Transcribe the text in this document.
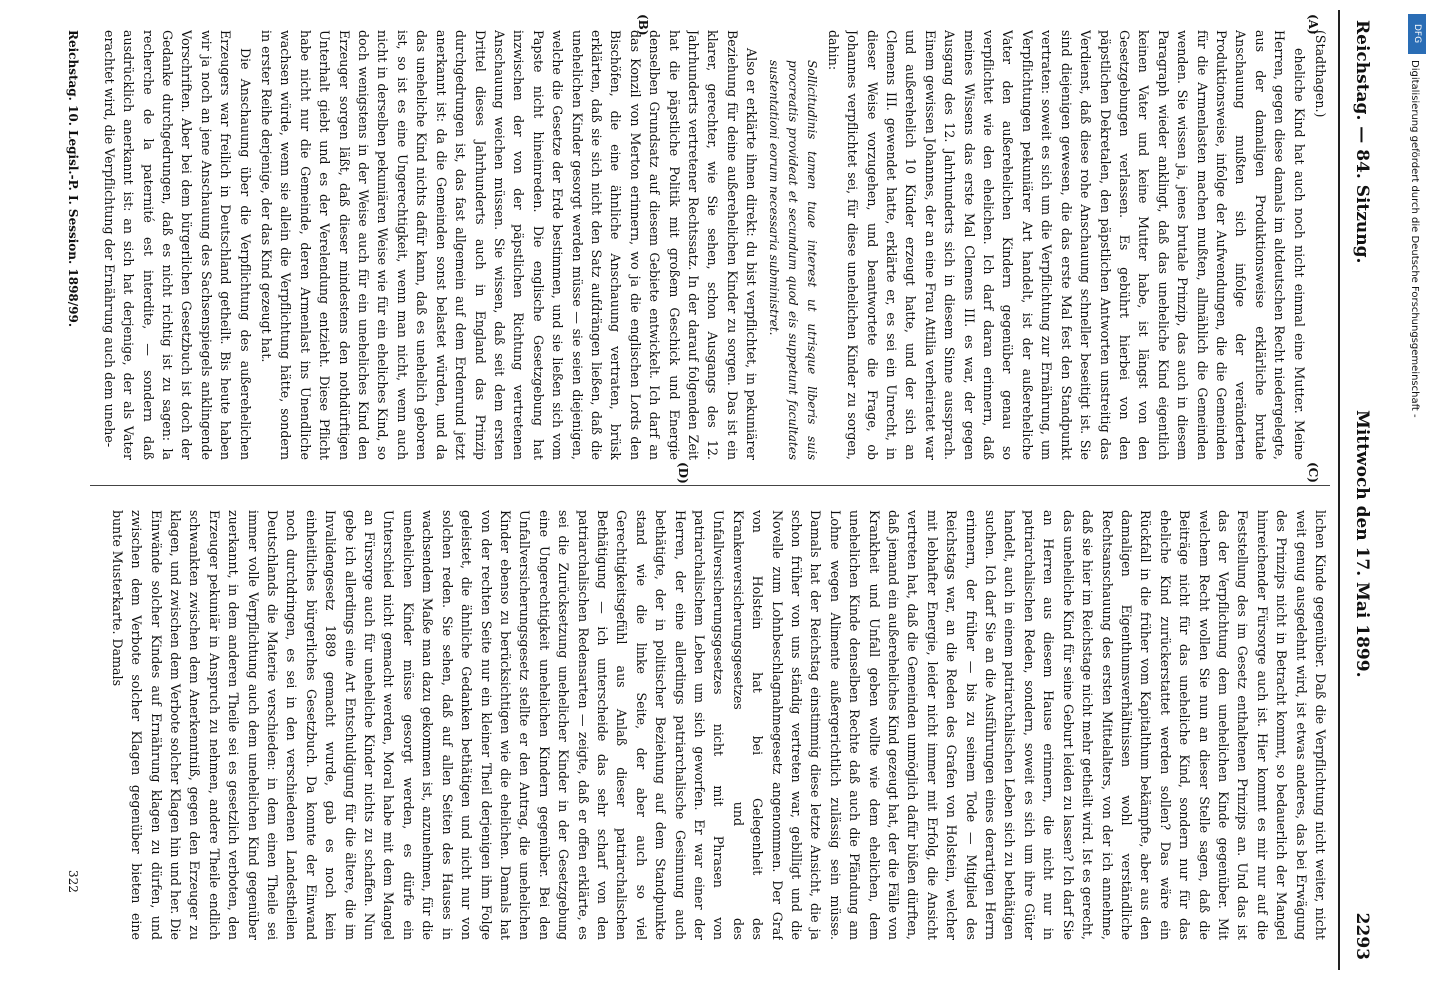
Reichstag. — 84. Sitzung.
Mittwoch den 17. Mai 1899.
2293

(Stadthagen.)

eheliche Kind hat auch noch nicht einmal eine Mutter. Meine Herren, gegen diese damals im altdeutschen Recht niedergelegte, aus der damaligen Produktionsweise erklärliche brutale Anschauung mußten sich infolge der veränderten Produktionsweise, infolge der Aufwendungen, die die Gemeinden für die Armenlasten machen mußten, allmählich die Gemeinden wenden. Sie wissen ja, jenes brutale Prinzip, das auch in diesem Paragraph wieder anklingt, daß das uneheliche Kind eigentlich keinen Vater und keine Mutter habe, ist längst von den Gesetzgebungen verlassen. Es gebührt hierbei von den päpstlichen Dekretalen, den päpstlichen Antworten unstreitig das Verdienst, daß diese rohe Anschauung schneller beseitigt ist. Sie sind diejenigen gewesen, die das erste Mal fest den Standpunkt vertraten: soweit es sich um die Verpflichtung zur Ernährung, um Verpflichtungen pekuniärer Art handelt, ist der außereheliche Vater den außerehelichen Kindern gegenüber genau so verpflichtet wie den ehelichen. Ich darf daran erinnern, daß meines Wissens das erste Mal Clemens III. es war, der gegen Ausgang des 12. Jahrhunderts sich in diesem Sinne aussprach. Einem gewissen Johannes, der an eine Frau Attilia verheiratet war und außerehelich 10 Kinder erzeugt hatte, und der sich an Clemens III. gewendet hatte, erklärte er, es sei ein Unrecht, in dieser Weise vorzugehen, und beantwortete die Frage, ob Johannes verpflichtet sei, für diese unehelichen Kinder zu sorgen, dahin:

Sollicitudinis tamen tuae interest ut utrisque liberis suis procreatis provideat et secundum quod eis suppetunt facultates sustentationi eorum necessaria subministret.

Also er erklärte ihnen direkt: du bist verpflichtet, in pekuniärer Beziehung für deine außerehelichen Kinder zu sorgen. Das ist ein klarer, gerechter, wie Sie sehen, schon Ausgangs des 12. Jahrhunderts vertretener Rechtssatz. In der darauf folgenden Zeit hat die päpstliche Politik mit großem Geschick und Energie denselben Grundsatz auf diesem Gebiete entwickelt. Ich darf an das Konzil von Merton erinnern, wo ja die englischen Lords den Bischöfen, die eine ähnliche Anschauung vertraten, brüsk erklärten, daß sie sich nicht den Satz aufdrängen ließen, daß die unehelichen Kinder gesorgt werden müsse — sie seien diejenigen, welche die Gesetze der Erde bestimmen, und sie ließen sich vom Papste nicht hineinreden. Die englische Gesetzgebung hat inzwischen der von der päpstlichen Richtung vertretenen Anschauung weichen müssen. Sie wissen, daß seit dem ersten Drittel dieses Jahrhunderts auch in England das Prinzip durchgedrungen ist, das fast allgemein auf dem Erdenrund jetzt anerkannt ist: da die Gemeinden sonst belastet würden, und da das uneheliche Kind nichts dafür kann, daß es unehelich geboren ist, so ist es eine Ungerechtigkeit, wenn man nicht, wenn auch nicht in derselben pekuniären Weise wie für ein eheliches Kind, so doch wenigstens in der Weise auch für ein uneheliches Kind den Erzeuger sorgen läßt, daß dieser mindestens den nothdürftigen Unterhalt giebt und es der Verelendung entzieht. Diese Pflicht habe nicht nur die Gemeinde, deren Armenlast ins Unendliche wachsen würde, wenn sie allein die Verpflichtung hätte, sondern in erster Reihe derjenige, der das Kind gezeugt hat.

Die Anschauung über die Verpflichtung des außerehelichen Erzeugers war freilich in Deutschland getheilt. Bis heute haben wir ja noch an jene Anschauung des Sachsenspiegels anklingende Vorschriften. Aber bei dem bürgerlichen Gesetzbuch ist doch der Gedanke durchgedrungen, daß es nicht richtig ist zu sagen: la recherche de la paternité est interdite, — sondern daß ausdrücklich anerkannt ist: an sich hat derjenige, der als Vater erachtet wird, die Verpflichtung der Ernährung auch dem unehe-

lichen Kinde gegenüber. Daß die Verpflichtung nicht weiter, nicht weit genug ausgedehnt wird, ist etwas anderes, das bei Erwägung des Prinzips nicht in Betracht kommt, so bedauerlich der Mangel hinreichender Fürsorge auch ist. Hier kommt es mir nur auf die Feststellung des im Gesetz enthaltenen Prinzips an. Und das ist das der Verpflichtung dem unehelichen Kinde gegenüber. Mit welchem Recht wollen Sie nun an dieser Stelle sagen, daß die Beiträge nicht für das uneheliche Kind, sondern nur für das eheliche Kind zurückerstattet werden sollen? Das wäre ein Rückfall in die früher vom Kapitalthum bekämpfte, aber aus den damaligen Eigenthumsverhältnissen wohl verständliche Rechtsanschauung des ersten Mittelalters, von der ich annehme, daß sie hier im Reichstage nicht mehr getheilt wird. Ist es gerecht, das uneheliche Kind für seine Geburt leiden zu lassen? Ich darf Sie an Herren aus diesem Hause erinnern, die nicht nur in patriarchalischen Reden, sondern, soweit es sich um ihre Güter handelt, auch in einem patriarchalischen Leben sich zu bethätigen suchen. Ich darf Sie an die Ausführungen eines derartigen Herrn erinnern, der früher — bis zu seinem Tode — Mitglied des Reichstags war, an die Reden des Grafen von Holstein, welcher mit lebhafter Energie, leider nicht immer mit Erfolg, die Ansicht vertreten hat, daß die Gemeinden unmöglich dafür büßen dürften, daß jemand ein außereheliches Kind gezeugt hat, der die Fälle von Krankheit und Unfall geben wollte wie dem ehelichen, dem unehelichen Kinde denselben Rechte daß auch die Pfändung am Lohne wegen Alimente außergerichtlich zulässig sein müsse. Damals hat der Reichstag einstimmig diese letzte Ansicht, die ja schon früher von uns ständig vertreten war, gebilligt und die Novelle zum Lohnbeschlagnahmegesetz angenommen. Der Graf von Holstein hat bei Gelegenheit des Krankenversicherungsgesetzes und des Unfallversicherungsgesetzes nicht mit Phrasen von patriarchalischem Leben um sich geworfen. Er war einer der Herren, der eine allerdings patriarchalische Gesinnung auch bethätigte, der in politischer Beziehung auf dem Standpunkte stand wie die linke Seite, der aber auch so viel Gerechtigkeitsgefühl aus Anlaß dieser patriarchalischen Bethätigung — ich unterscheide das sehr scharf von den patriarchalischen Redensarten — zeigte, daß er offen erklärte, es sei die Zurücksetzung unehelicher Kinder in der Gesetzgebung eine Ungerechtigkeit unehelichen Kindern gegenüber. Bei den Unfallversicherungsgesetz stellte er den Antrag, die unehelichen Kinder ebenso zu berücksichtigen wie die ehelichen. Damals hat von der rechten Seite nur ein kleiner Theil derjenigen ihm Folge geleistet, die ähnliche Gedanken bethätigen und nicht nur von solchen reden. Sie sehen, daß auf allen Seiten des Hauses in wachsendem Maße man dazu gekommen ist, anzunehmen, für die unehelichen Kinder müsse gesorgt werden, es dürfe ein Unterschied nicht gemacht werden, Moral habe mit dem Mangel an Fürsorge auch für uneheliche Kinder nichts zu schaffen. Nun gebe ich allerdings eine Art Entschuldigung für die ältere, die im Invalidengesetz 1889 gemacht wurde, gab es noch kein einheitliches bürgerliches Gesetzbuch. Da konnte der Einwand noch durchdringen, es sei in den verschiedenen Landestheilen Deutschlands die Materie verschieden: in dem einen Theile sei immer volle Verpflichtung auch dem unehelichen Kind gegenüber zuerkannt, in dem anderen Theile sei es gesetzlich verboten, den Erzeuger pekuniär in Anspruch zu nehmen, andere Theile endlich schwankten zwischen dem Anerkenntniß, gegen den Erzeuger zu klagen, und zwischen dem Verbote solcher Klagen hin und her. Die Einwände solcher Kindes auf Ernährung klagen zu dürfen, und zwischen dem Verbote solcher Klagen gegenüber bieten eine bunte Musterkarte. Damals

(A)
(B)
(C)
(D)
Reichstag. 10. Legisl.-P. I. Session. 1898/99.
322
DFG
Digitalisierung gefördert durch die Deutsche Forschungsgemeinschaft -
